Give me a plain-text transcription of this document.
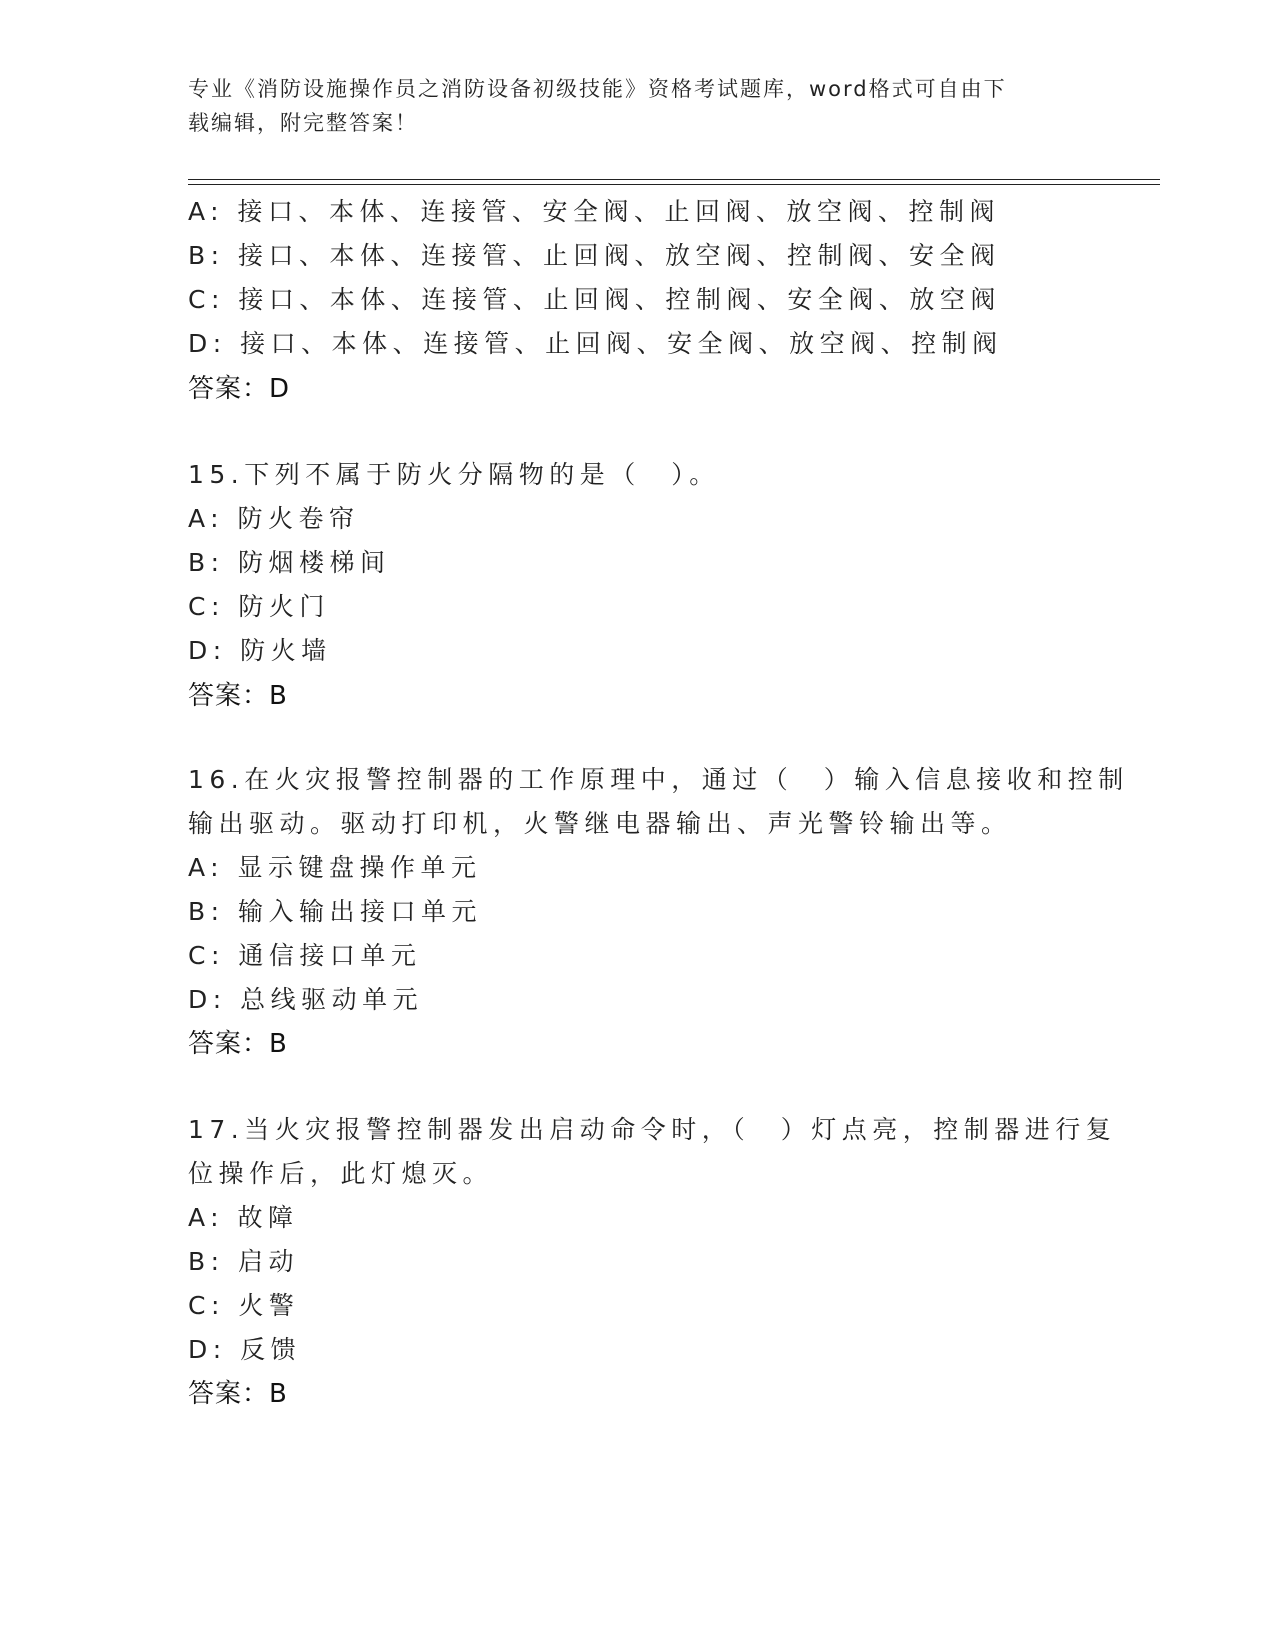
专业《消防设施操作员之消防设备初级技能》资格考试题库，word格式可自由下
载编辑，附完整答案！
A: 接口、本体、连接管、安全阀、止回阀、放空阀、控制阀
B: 接口、本体、连接管、止回阀、放空阀、控制阀、安全阀
C: 接口、本体、连接管、止回阀、控制阀、安全阀、放空阀
D: 接口、本体、连接管、止回阀、安全阀、放空阀、控制阀
答案：D
15.下列不属于防火分隔物的是（　）。
A: 防火卷帘
B: 防烟楼梯间
C: 防火门
D: 防火墙
答案：B
16.在火灾报警控制器的工作原理中，通过（　）输入信息接收和控制
输出驱动。驱动打印机，火警继电器输出、声光警铃输出等。
A: 显示键盘操作单元
B: 输入输出接口单元
C: 通信接口单元
D: 总线驱动单元
答案：B
17.当火灾报警控制器发出启动命令时，（　）灯点亮，控制器进行复
位操作后，此灯熄灭。
A: 故障
B: 启动
C: 火警
D: 反馈
答案：B
